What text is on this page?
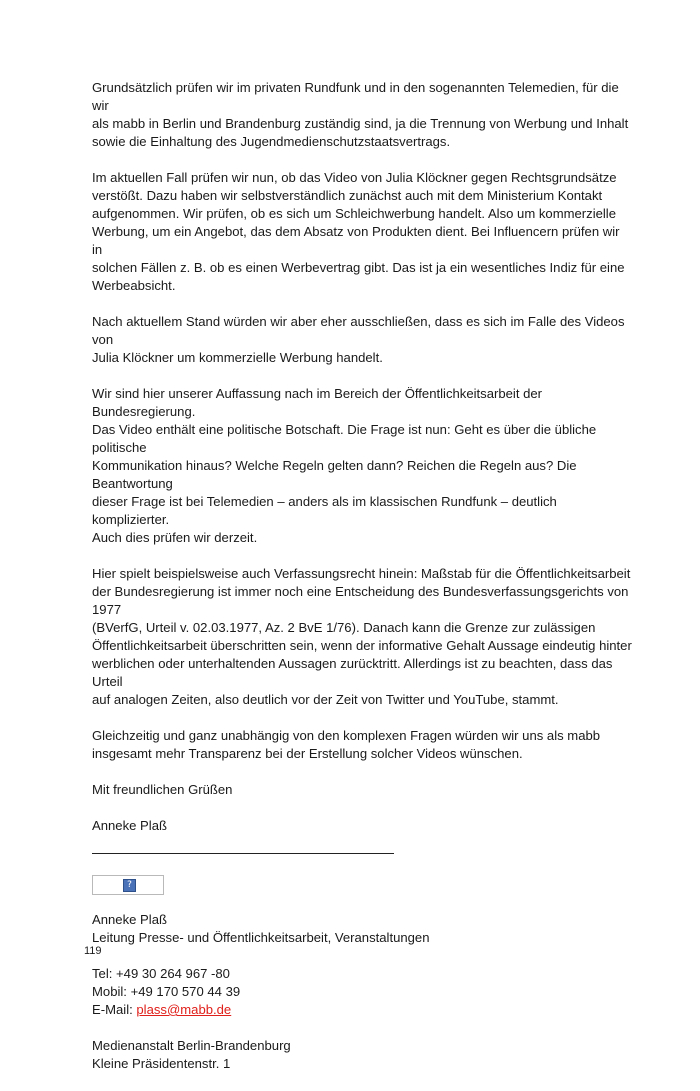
Grundsätzlich prüfen wir im privaten Rundfunk und in den sogenannten Telemedien, für die wir
als mabb in Berlin und Brandenburg zuständig sind, ja die Trennung von Werbung und Inhalt
sowie die Einhaltung des Jugendmedienschutzstaatsvertrags.

Im aktuellen Fall prüfen wir nun, ob das Video von Julia Klöckner gegen Rechtsgrundsätze
verstößt. Dazu haben wir selbstverständlich zunächst auch mit dem Ministerium Kontakt
aufgenommen. Wir prüfen, ob es sich um Schleichwerbung handelt. Also um kommerzielle
Werbung, um ein Angebot, das dem Absatz von Produkten dient. Bei Influencern prüfen wir in
solchen Fällen z. B. ob es einen Werbevertrag gibt. Das ist ja ein wesentliches Indiz für eine
Werbeabsicht.

Nach aktuellem Stand würden wir aber eher ausschließen, dass es sich im Falle des Videos von
Julia Klöckner um kommerzielle Werbung handelt.

Wir sind hier unserer Auffassung nach im Bereich der Öffentlichkeitsarbeit der Bundesregierung.
Das Video enthält eine politische Botschaft. Die Frage ist nun: Geht es über die übliche politische
Kommunikation hinaus? Welche Regeln gelten dann? Reichen die Regeln aus? Die Beantwortung
dieser Frage ist bei Telemedien – anders als im klassischen Rundfunk – deutlich komplizierter.
Auch dies prüfen wir derzeit.

Hier spielt beispielsweise auch Verfassungsrecht hinein: Maßstab für die Öffentlichkeitsarbeit
der Bundesregierung ist immer noch eine Entscheidung des Bundesverfassungsgerichts von 1977
(BVerfG, Urteil v. 02.03.1977, Az. 2 BvE 1/76). Danach kann die Grenze zur zulässigen
Öffentlichkeitsarbeit überschritten sein, wenn der informative Gehalt Aussage eindeutig hinter
werblichen oder unterhaltenden Aussagen zurücktritt. Allerdings ist zu beachten, dass das Urteil
auf analogen Zeiten, also deutlich vor der Zeit von Twitter und YouTube, stammt.

Gleichzeitig und ganz unabhängig von den komplexen Fragen würden wir uns als mabb
insgesamt mehr Transparenz bei der Erstellung solcher Videos wünschen.

Mit freundlichen Grüßen

Anneke Plaß

?
Anneke Plaß
Leitung Presse- und Öffentlichkeitsarbeit, Veranstaltungen
Tel: +49 30 264 967 -80
Mobil: +49 170 570 44 39
E-Mail: plass@mabb.de
Medienanstalt Berlin-Brandenburg
Kleine Präsidentenstr. 1
119
